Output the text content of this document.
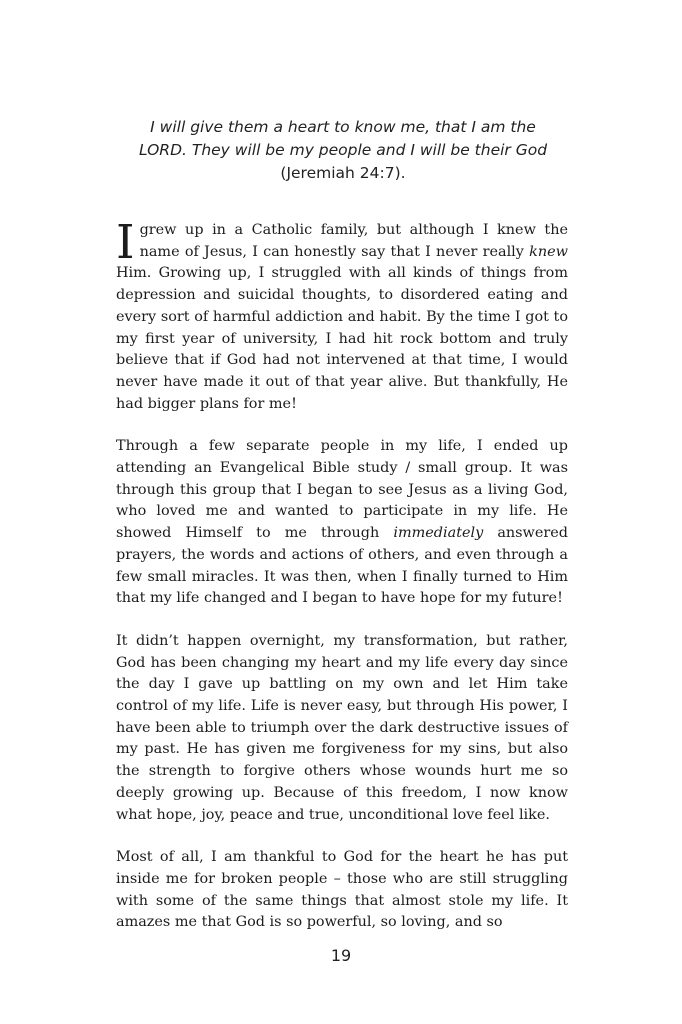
I will give them a heart to know me, that I am the
LORD. They will be my people and I will be their God
(Jeremiah 24:7).

Igrew up in a Catholic family, but although I knew the name of Jesus, I can honestly say that I never really knew Him. Growing up, I struggled with all kinds of things from depression and suicidal thoughts, to disordered eating and every sort of harmful addiction and habit. By the time I got to my first year of university, I had hit rock bottom and truly believe that if God had not intervened at that time, I would never have made it out of that year alive. But thankfully, He had bigger plans for me!

Through a few separate people in my life, I ended up attending an Evangelical Bible study / small group. It was through this group that I began to see Jesus as a living God, who loved me and wanted to participate in my life. He showed Himself to me through immediately answered prayers, the words and actions of others, and even through a few small miracles. It was then, when I finally turned to Him that my life changed and I began to have hope for my future!

It didn’t happen overnight, my transformation, but rather, God has been changing my heart and my life every day since the day I gave up battling on my own and let Him take control of my life. Life is never easy, but through His power, I have been able to triumph over the dark destructive issues of my past. He has given me forgiveness for my sins, but also the strength to forgive others whose wounds hurt me so deeply growing up. Because of this freedom, I now know what hope, joy, peace and true, unconditional love feel like.

Most of all, I am thankful to God for the heart he has put inside me for broken people – those who are still struggling with some of the same things that almost stole my life. It amazes me that God is so powerful, so loving, and so

19
